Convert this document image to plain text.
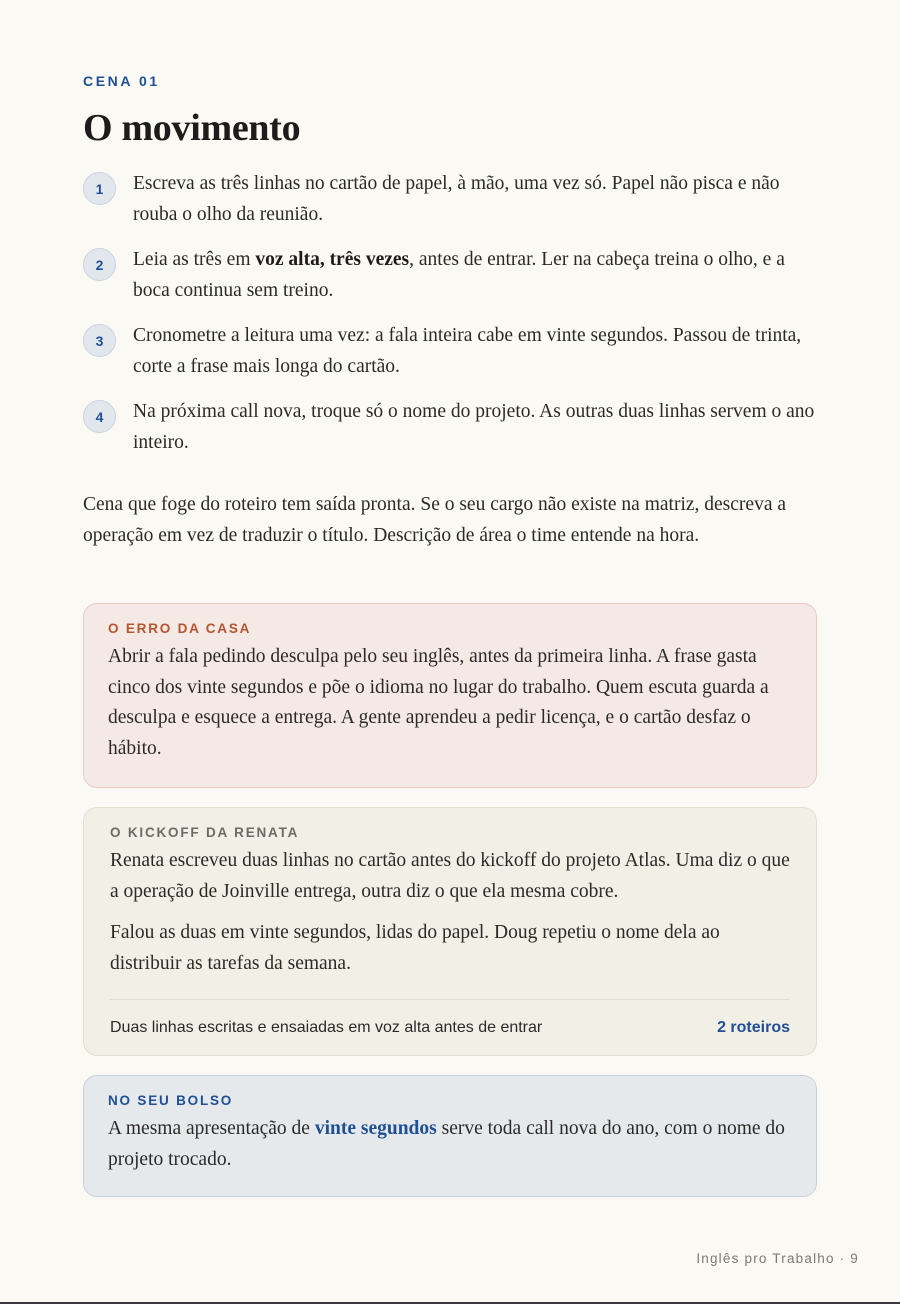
CENA 01
O movimento
1	Escreva as três linhas no cartão de papel, à mão, uma vez só. Papel não pisca e não rouba o olho da reunião.

2	Leia as três em voz alta, três vezes, antes de entrar. Ler na cabeça treina o olho, e a boca continua sem treino.

3	Cronometre a leitura uma vez: a fala inteira cabe em vinte segundos. Passou de trinta, corte a frase mais longa do cartão.

4	Na próxima call nova, troque só o nome do projeto. As outras duas linhas servem o ano inteiro.

Cena que foge do roteiro tem saída pronta. Se o seu cargo não existe na matriz, descreva a operação em vez de traduzir o título. Descrição de área o time entende na hora.

O ERRO DA CASA

Abrir a fala pedindo desculpa pelo seu inglês, antes da primeira linha. A frase gasta cinco dos vinte segundos e põe o idioma no lugar do trabalho. Quem escuta guarda a desculpa e esquece a entrega. A gente aprendeu a pedir licença, e o cartão desfaz o hábito.

O KICKOFF DA RENATA

Renata escreveu duas linhas no cartão antes do kickoff do projeto Atlas. Uma diz o que a operação de Joinville entrega, outra diz o que ela mesma cobre.

Falou as duas em vinte segundos, lidas do papel. Doug repetiu o nome dela ao distribuir as tarefas da semana.

Duas linhas escritas e ensaiadas em voz alta antes de entrar	2 roteiros
NO SEU BOLSO

A mesma apresentação de vinte segundos serve toda call nova do ano, com o nome do projeto trocado.

Inglês pro Trabalho · 9
